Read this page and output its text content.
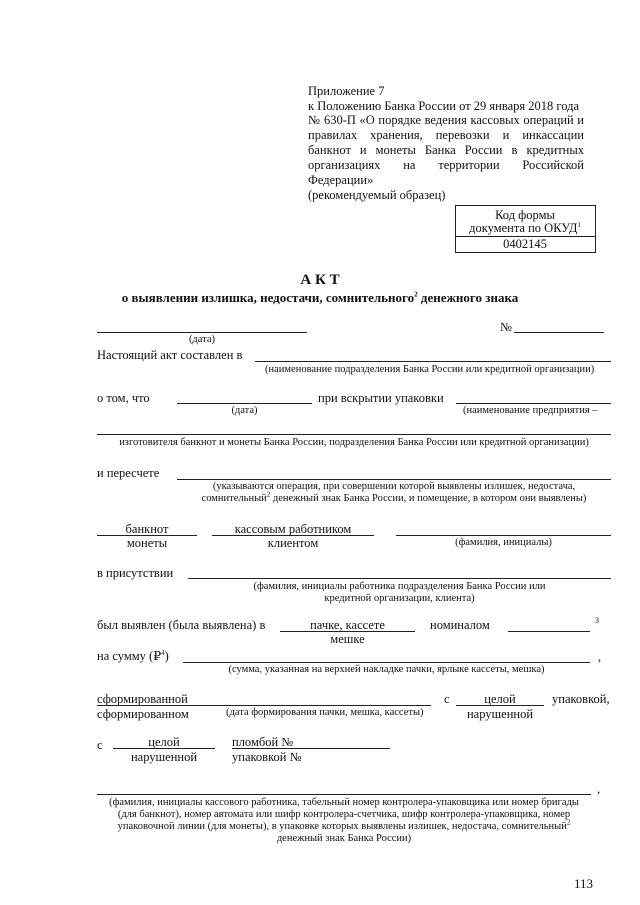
Приложение 7
к Положению Банка России от 29 января 2018 года
№ 630-П «О порядке ведения кассовых операций и
правилах хранения, перевозки и инкассации
банкнот и монеты Банка России в кредитных
организациях на территории Российской
Федерации»
(рекомендуемый образец)
Код формы
документа по ОКУД$^1$
0402145
А К Т
о выявлении излишка, недостачи, сомнительного$^2$ денежного знака
(дата)
№
Настоящий акт составлен в
(наименование подразделения Банка России или кредитной организации)
о том, что
(дата)
при вскрытии упаковки
(наименование предприятия –
изготовителя банкнот и монеты Банка России, подразделения Банка России или кредитной организации)
и пересчете
(указываются операция, при совершении которой выявлены излишек, недостача,
сомнительный$^2$ денежный знак Банка России, и помещение, в котором они выявлены)
банкнот
монеты
кассовым работником
клиентом	(фамилия, инициалы)
в присутствии
(фамилия, инициалы работника подразделения Банка России или
кредитной организации, клиента)
был выявлен (была выявлена) в	пачке, кассете
мешке
номиналом	3
на сумму (₽$^4$)
(сумма, указанная на верхней накладке пачки, ярлыке кассеты, мешка)
,
сформированной
сформированном	(дата формирования пачки, мешка, кассеты)
с	целой
нарушенной
упаковкой,
с	целой
нарушенной
пломбой №
упаковкой №
,
(фамилия, инициалы кассового работника, табельный номер контролера-упаковщика или номер бригады
(для банкнот), номер автомата или шифр контролера-счетчика, шифр контролера-упаковщика, номер
упаковочной линии (для монеты), в упаковке которых выявлены излишек, недостача, сомнительный$^2$
денежный знак Банка России)
113
